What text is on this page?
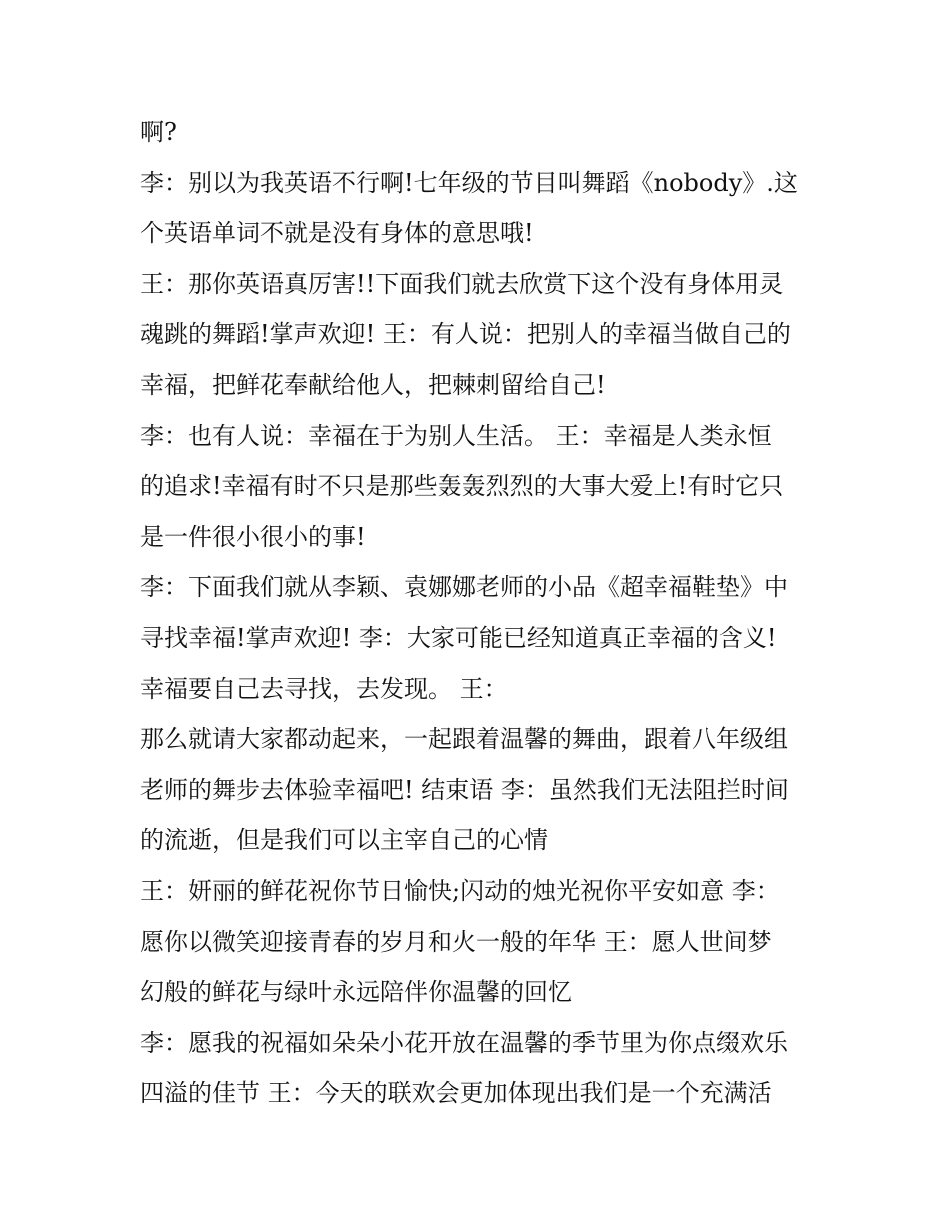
啊?
李：别以为我英语不行啊!七年级的节目叫舞蹈《nobody》.这
个英语单词不就是没有身体的意思哦!
王：那你英语真厉害!!下面我们就去欣赏下这个没有身体用灵
魂跳的舞蹈!掌声欢迎! 王：有人说：把别人的幸福当做自己的
幸福，把鲜花奉献给他人，把棘刺留给自己!
李：也有人说：幸福在于为别人生活。 王：幸福是人类永恒
的追求!幸福有时不只是那些轰轰烈烈的大事大爱上!有时它只
是一件很小很小的事!
李：下面我们就从李颖、袁娜娜老师的小品《超幸福鞋垫》中
寻找幸福!掌声欢迎! 李：大家可能已经知道真正幸福的含义!
幸福要自己去寻找，去发现。 王：
那么就请大家都动起来，一起跟着温馨的舞曲，跟着八年级组
老师的舞步去体验幸福吧! 结束语 李：虽然我们无法阻拦时间
的流逝，但是我们可以主宰自己的心情
王：妍丽的鲜花祝你节日愉快;闪动的烛光祝你平安如意 李：
愿你以微笑迎接青春的岁月和火一般的年华 王：愿人世间梦
幻般的鲜花与绿叶永远陪伴你温馨的回忆
李：愿我的祝福如朵朵小花开放在温馨的季节里为你点缀欢乐
四溢的佳节 王：今天的联欢会更加体现出我们是一个充满活
